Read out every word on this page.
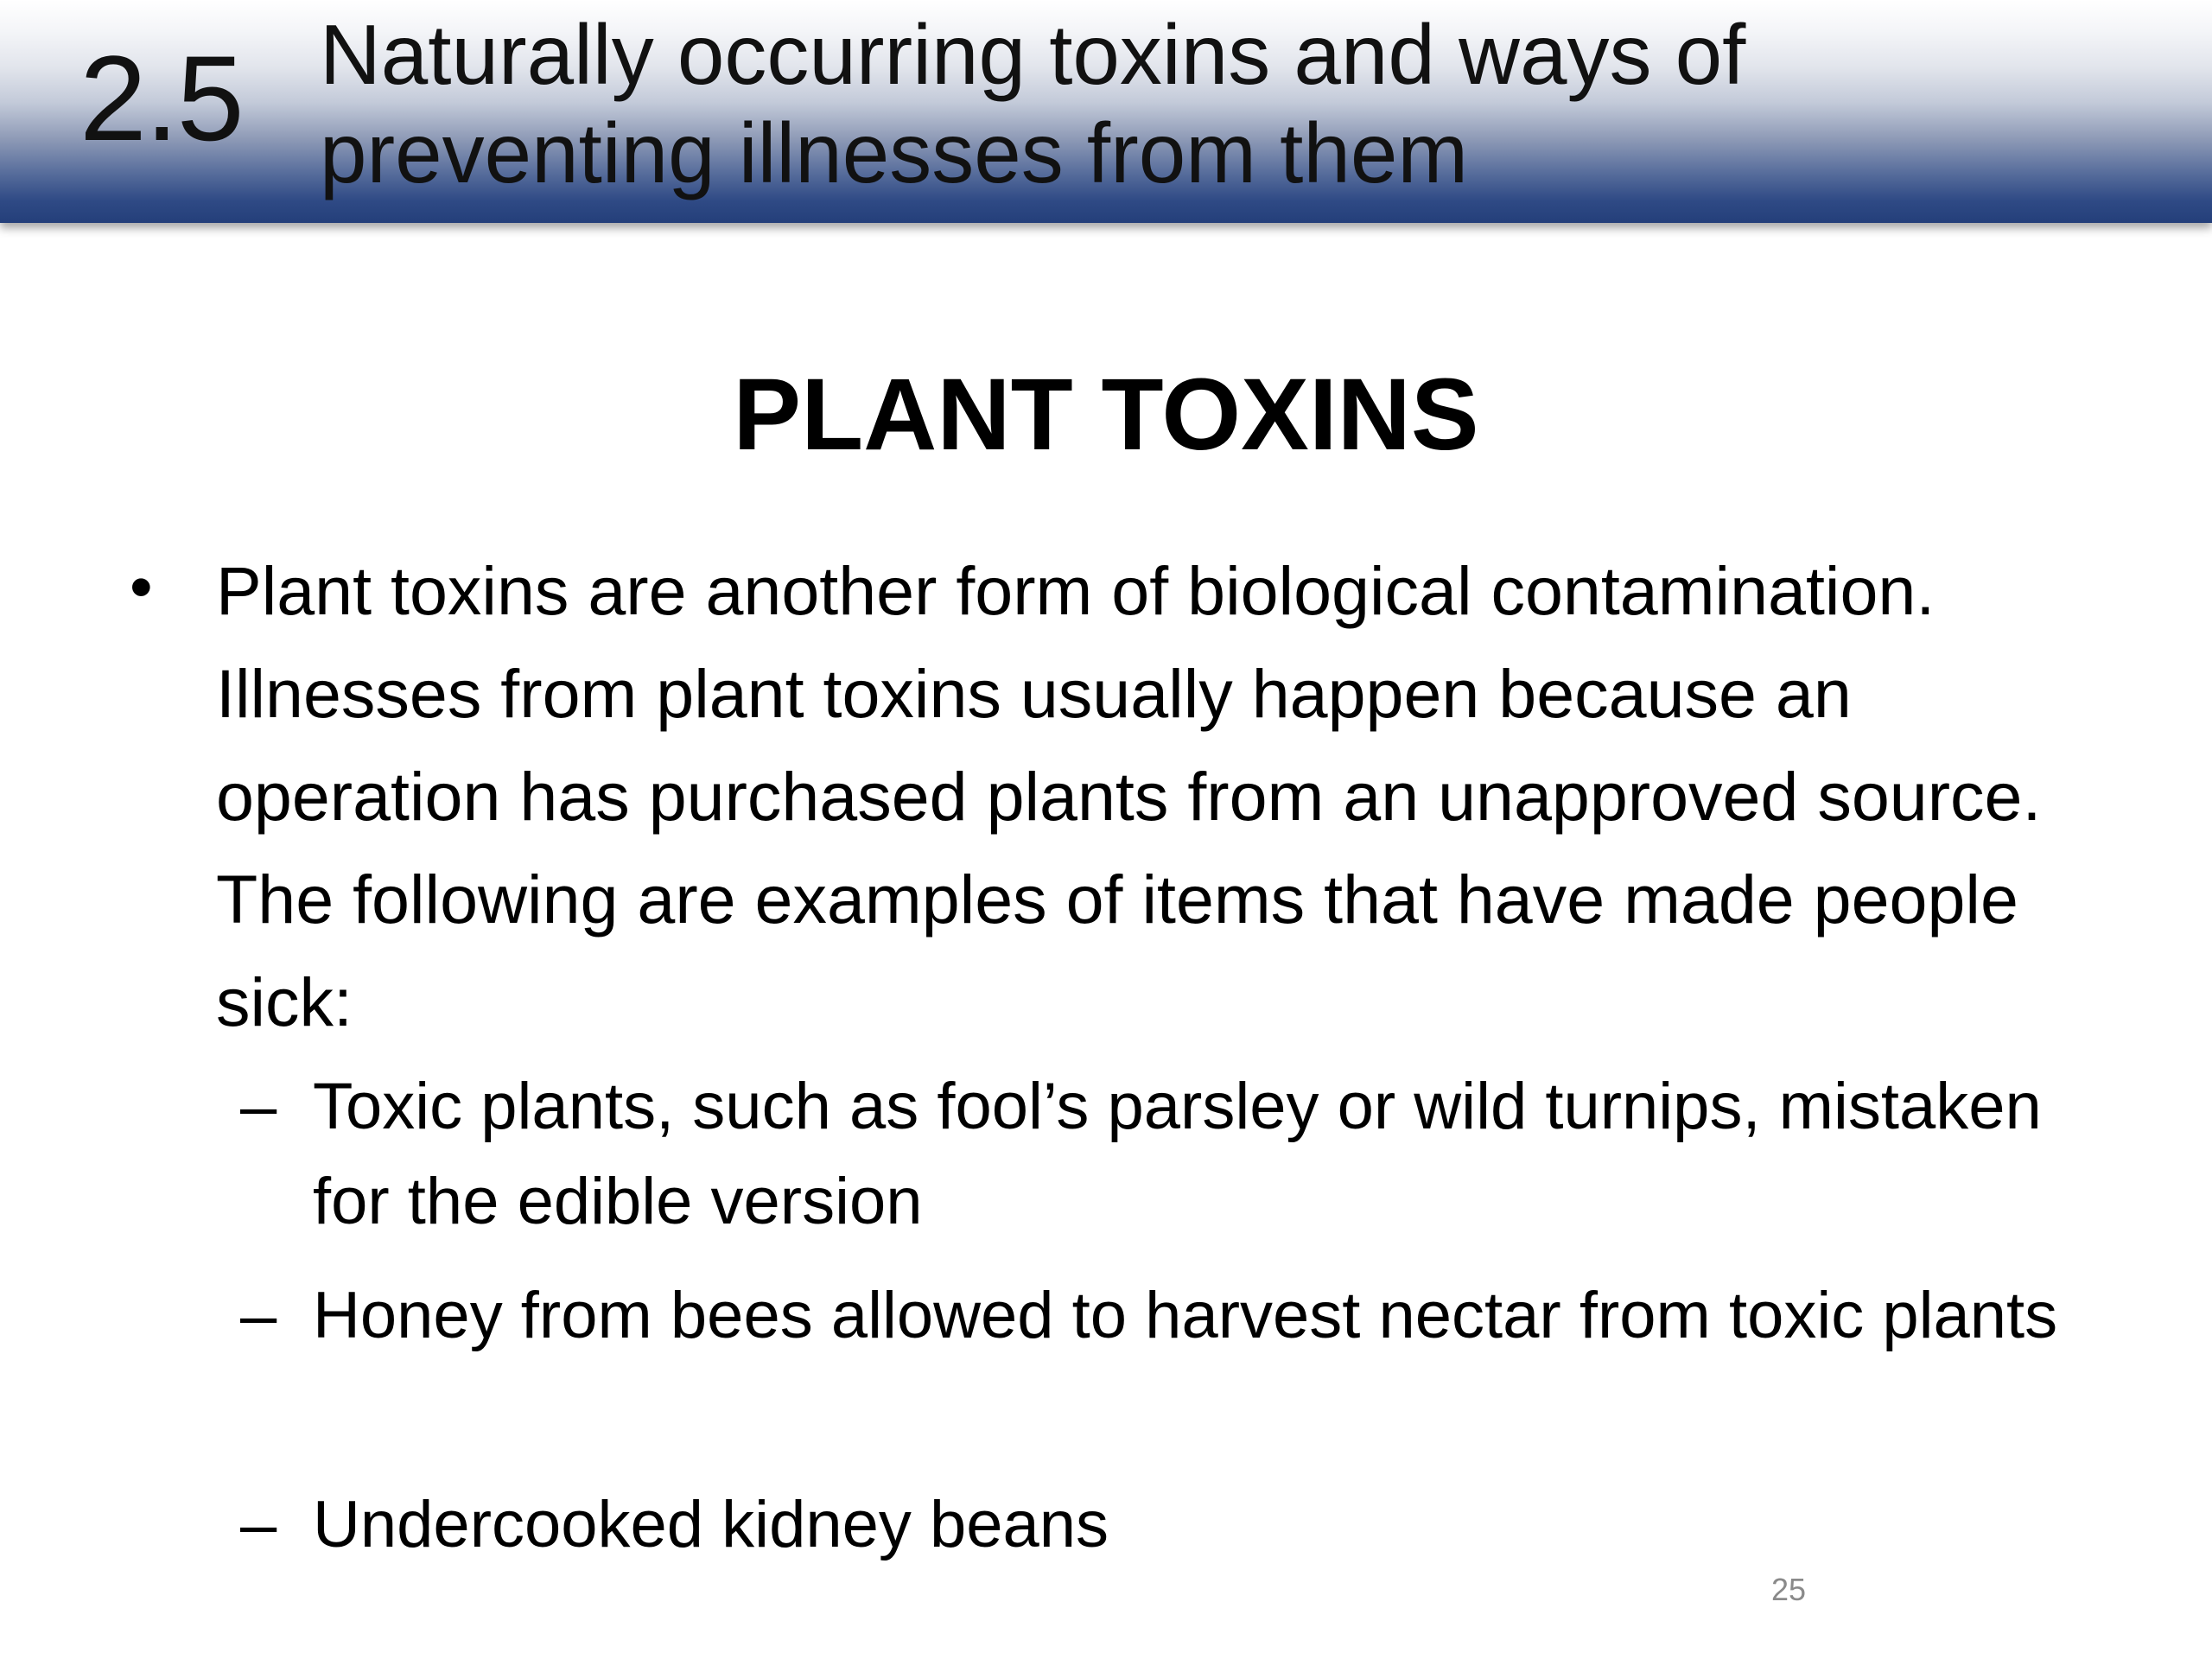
2.5 Naturally occurring toxins and ways of
preventing illnesses from them
PLANT TOXINS
• Plant toxins are another form of biological contamination. Illnesses from plant toxins usually happen because an operation has purchased plants from an unapproved source. The following are examples of items that have made people sick:
– Toxic plants, such as fool’s parsley or wild turnips, mistaken for the edible version
– Honey from bees allowed to harvest nectar from toxic plants
– Undercooked kidney beans
25
